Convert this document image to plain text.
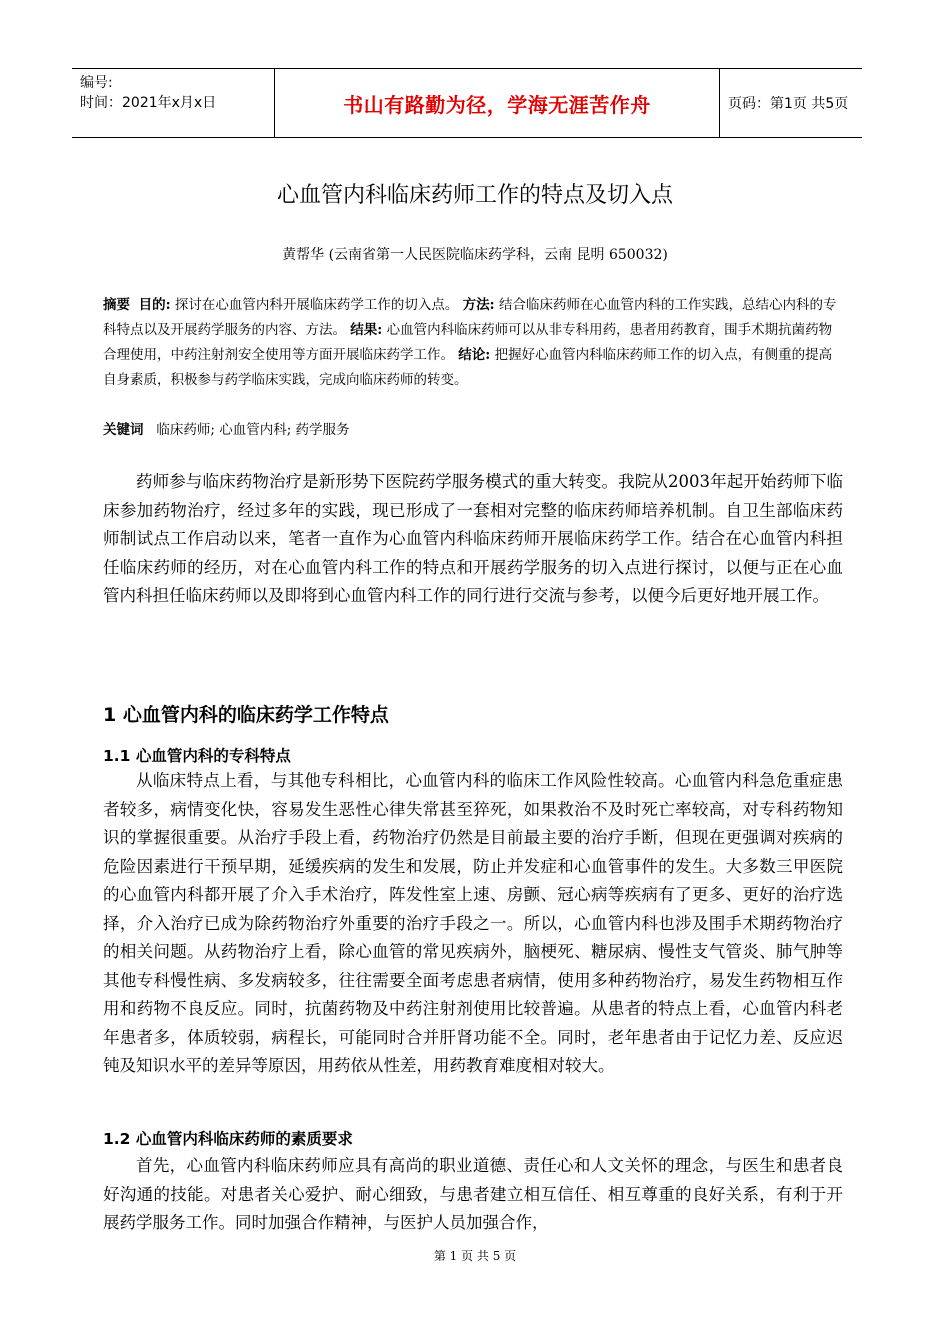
编号:
时间：2021年x月x日	书山有路勤为径，学海无涯苦作舟	页码：第1页 共5页
心血管内科临床药师工作的特点及切入点
黄帮华 (云南省第一人民医院临床药学科，云南 昆明 650032)
摘要 目的: 探讨在心血管内科开展临床药学工作的切入点。 方法: 结合临床药师在心血管内科的工作实践，总结心内科的专科特点以及开展药学服务的内容、方法。 结果: 心血管内科临床药师可以从非专科用药，患者用药教育，围手术期抗菌药物合理使用，中药注射剂安全使用等方面开展临床药学工作。 结论: 把握好心血管内科临床药师工作的切入点，有侧重的提高自身素质，积极参与药学临床实践，完成向临床药师的转变。
关键词 临床药师; 心血管内科; 药学服务

药师参与临床药物治疗是新形势下医院药学服务模式的重大转变。我院从2003年起开始药师下临床参加药物治疗，经过多年的实践，现已形成了一套相对完整的临床药师培养机制。自卫生部临床药师制试点工作启动以来，笔者一直作为心血管内科临床药师开展临床药学工作。结合在心血管内科担任临床药师的经历，对在心血管内科工作的特点和开展药学服务的切入点进行探讨，以便与正在心血管内科担任临床药师以及即将到心血管内科工作的同行进行交流与参考，以便今后更好地开展工作。

1 心血管内科的临床药学工作特点
1.1 心血管内科的专科特点

从临床特点上看，与其他专科相比，心血管内科的临床工作风险性较高。心血管内科急危重症患者较多，病情变化快，容易发生恶性心律失常甚至猝死，如果救治不及时死亡率较高，对专科药物知识的掌握很重要。从治疗手段上看，药物治疗仍然是目前最主要的治疗手断，但现在更强调对疾病的危险因素进行干预早期，延缓疾病的发生和发展，防止并发症和心血管事件的发生。大多数三甲医院的心血管内科都开展了介入手术治疗，阵发性室上速、房颤、冠心病等疾病有了更多、更好的治疗选择，介入治疗已成为除药物治疗外重要的治疗手段之一。所以，心血管内科也涉及围手术期药物治疗的相关问题。从药物治疗上看，除心血管的常见疾病外，脑梗死、糖尿病、慢性支气管炎、肺气肿等其他专科慢性病、多发病较多，往往需要全面考虑患者病情，使用多种药物治疗，易发生药物相互作用和药物不良反应。同时，抗菌药物及中药注射剂使用比较普遍。从患者的特点上看，心血管内科老年患者多，体质较弱，病程长，可能同时合并肝肾功能不全。同时，老年患者由于记忆力差、反应迟钝及知识水平的差异等原因，用药依从性差，用药教育难度相对较大。

1.2 心血管内科临床药师的素质要求

首先，心血管内科临床药师应具有高尚的职业道德、责任心和人文关怀的理念，与医生和患者良好沟通的技能。对患者关心爱护、耐心细致，与患者建立相互信任、相互尊重的良好关系，有利于开展药学服务工作。同时加强合作精神，与医护人员加强合作，

第 1 页 共 5 页
